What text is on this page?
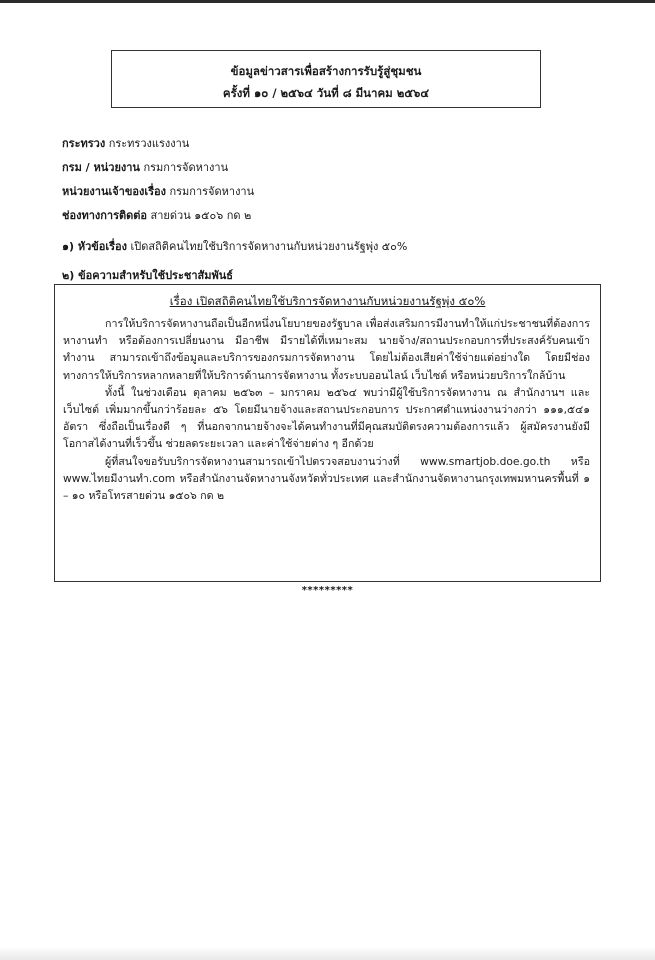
ข้อมูลข่าวสารเพื่อสร้างการรับรู้สู่ชุมชน
ครั้งที่ ๑๐ / ๒๕๖๔ วันที่ ๘ มีนาคม ๒๕๖๔
กระทรวง กระทรวงแรงงาน
กรม / หน่วยงาน กรมการจัดหางาน
หน่วยงานเจ้าของเรื่อง กรมการจัดหางาน
ช่องทางการติดต่อ สายด่วน ๑๕๐๖ กด ๒
๑) หัวข้อเรื่อง เปิดสถิติคนไทยใช้บริการจัดหางานกับหน่วยงานรัฐพุ่ง ๕๐%
๒) ข้อความสำหรับใช้ประชาสัมพันธ์
เรื่อง เปิดสถิติคนไทยใช้บริการจัดหางานกับหน่วยงานรัฐพุ่ง ๕๐%

การให้บริการจัดหางานถือเป็นอีกหนึ่งนโยบายของรัฐบาล เพื่อส่งเสริมการมีงานทำให้แก่ประชาชนที่ต้องการหางานทำ หรือต้องการเปลี่ยนงาน มีอาชีพ มีรายได้ที่เหมาะสม นายจ้าง/สถานประกอบการที่ประสงค์รับคนเข้าทำงาน สามารถเข้าถึงข้อมูลและบริการของกรมการจัดหางาน โดยไม่ต้องเสียค่าใช้จ่ายแต่อย่างใด โดยมีช่องทางการให้บริการหลากหลายที่ให้บริการด้านการจัดหางาน ทั้งระบบออนไลน์ เว็บไซต์ หรือหน่วยบริการใกล้บ้าน

ทั้งนี้ ในช่วงเดือน ตุลาคม ๒๕๖๓ – มกราคม ๒๕๖๔ พบว่ามีผู้ใช้บริการจัดหางาน ณ สำนักงานฯ และเว็บไซต์ เพิ่มมากขึ้นกว่าร้อยละ ๕๖ โดยมีนายจ้างและสถานประกอบการ ประกาศตำแหน่งงานว่างกว่า ๑๑๑,๕๔๑ อัตรา ซึ่งถือเป็นเรื่องดี ๆ ที่นอกจากนายจ้างจะได้คนทำงานที่มีคุณสมบัติตรงความต้องการแล้ว ผู้สมัครงานยังมีโอกาสได้งานที่เร็วขึ้น ช่วยลดระยะเวลา และค่าใช้จ่ายต่าง ๆ อีกด้วย

ผู้ที่สนใจขอรับบริการจัดหางานสามารถเข้าไปตรวจสอบงานว่างที่ www.smartjob.doe.go.th หรือ www.ไทยมีงานทำ.com หรือสำนักงานจัดหางานจังหวัดทั่วประเทศ และสำนักงานจัดหางานกรุงเทพมหานครพื้นที่ ๑ – ๑๐ หรือโทรสายด่วน ๑๕๐๖ กด ๒

*********
